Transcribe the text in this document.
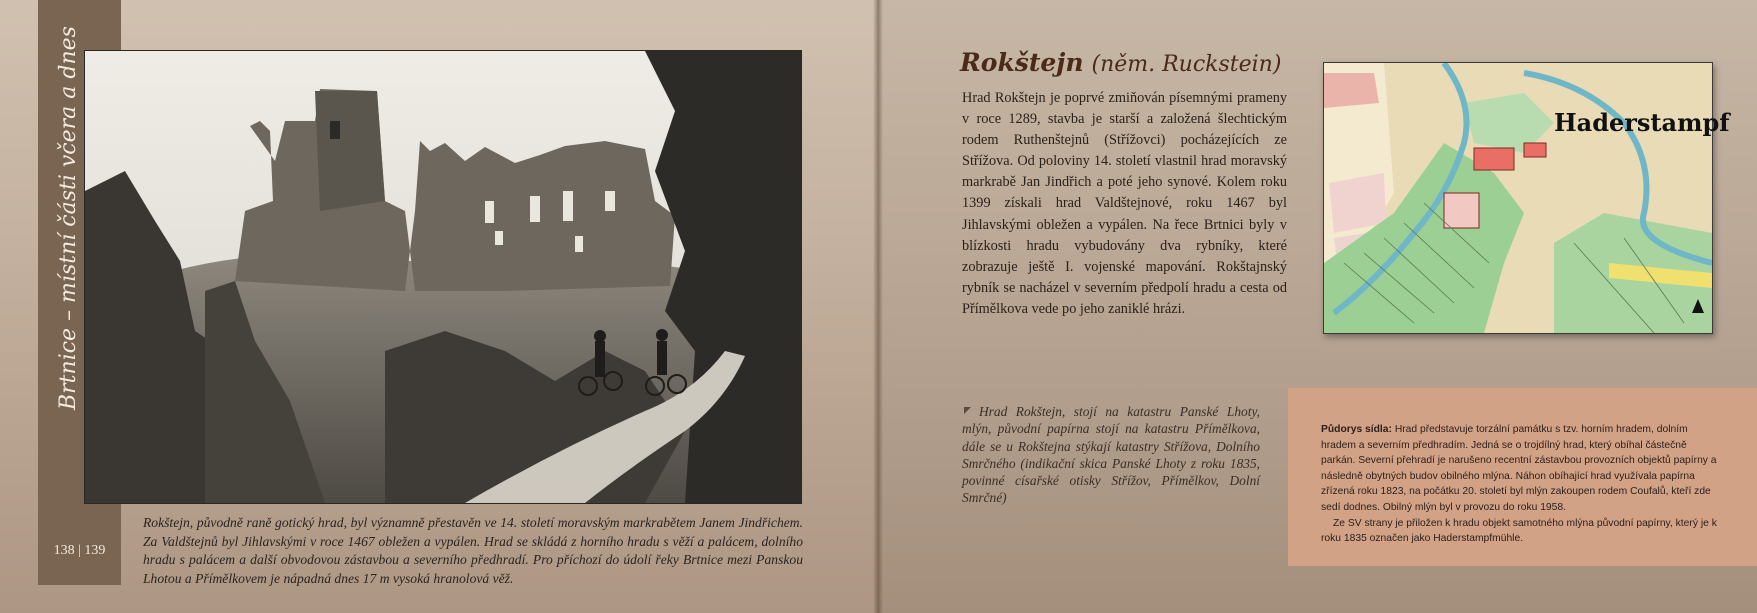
Brtnice – místní části včera a dnes
138 | 139
Rokštejn, původně raně gotický hrad, byl významně přestavěn ve 14. století moravským markrabětem Janem Jindřichem. Za Valdštejnů byl Jihlavskými v roce 1467 obležen a vypálen. Hrad se skládá z horního hradu s věží a palácem, dolního hradu s palácem a další obvodovou zástavbou a severního předhradí. Pro příchozí do údolí řeky Brtnice mezi Panskou Lhotou a Přímělkovem je nápadná dnes 17 m vysoká hranolová věž.
Rokštejn (něm. Ruckstein)
Hrad Rokštejn je poprvé zmiňován písemnými prameny v roce 1289, stavba je starší a založená šlechtickým rodem Ruthenštejnů (Střížovci) pocházejících ze Střížova. Od poloviny 14. století vlastnil hrad moravský markrabě Jan Jindřich a poté jeho synové. Kolem roku 1399 získali hrad Valdštejnové, roku 1467 byl Jihlavskými obležen a vypálen. Na řece Brtnici byly v blízkosti hradu vybudovány dva rybníky, které zobrazuje ještě I. vojenské mapování. Rokštajnský rybník se nacházel v severním předpolí hradu a cesta od Přímělkova vede po jeho zaniklé hrázi.
Haderstampf
Hrad Rokštejn, stojí na katastru Panské Lhoty, mlýn, původní papírna stojí na katastru Přímělkova, dále se u Rokštejna stýkají katastry Střížova, Dolního Smrčného (indikační skica Panské Lhoty z roku 1835, povinné císařské otisky Střížov, Přímělkov, Dolní Smrčné)

Půdorys sídla: Hrad představuje torzální památku s tzv. horním hradem, dolním hradem a severním předhradím. Jedná se o trojdílný hrad, který obíhal částečně parkán. Severní přehradí je narušeno recentní zástavbou provozních objektů papírny a následně obytných budov obilného mlýna. Náhon obíhající hrad využívala papírna zřízená roku 1823, na počátku 20. století byl mlýn zakoupen rodem Coufalů, kteří zde sedí dodnes. Obilný mlýn byl v provozu do roku 1958.

Ze SV strany je přiložen k hradu objekt samotného mlýna původní papírny, který je k roku 1835 označen jako Haderstampfmühle.
